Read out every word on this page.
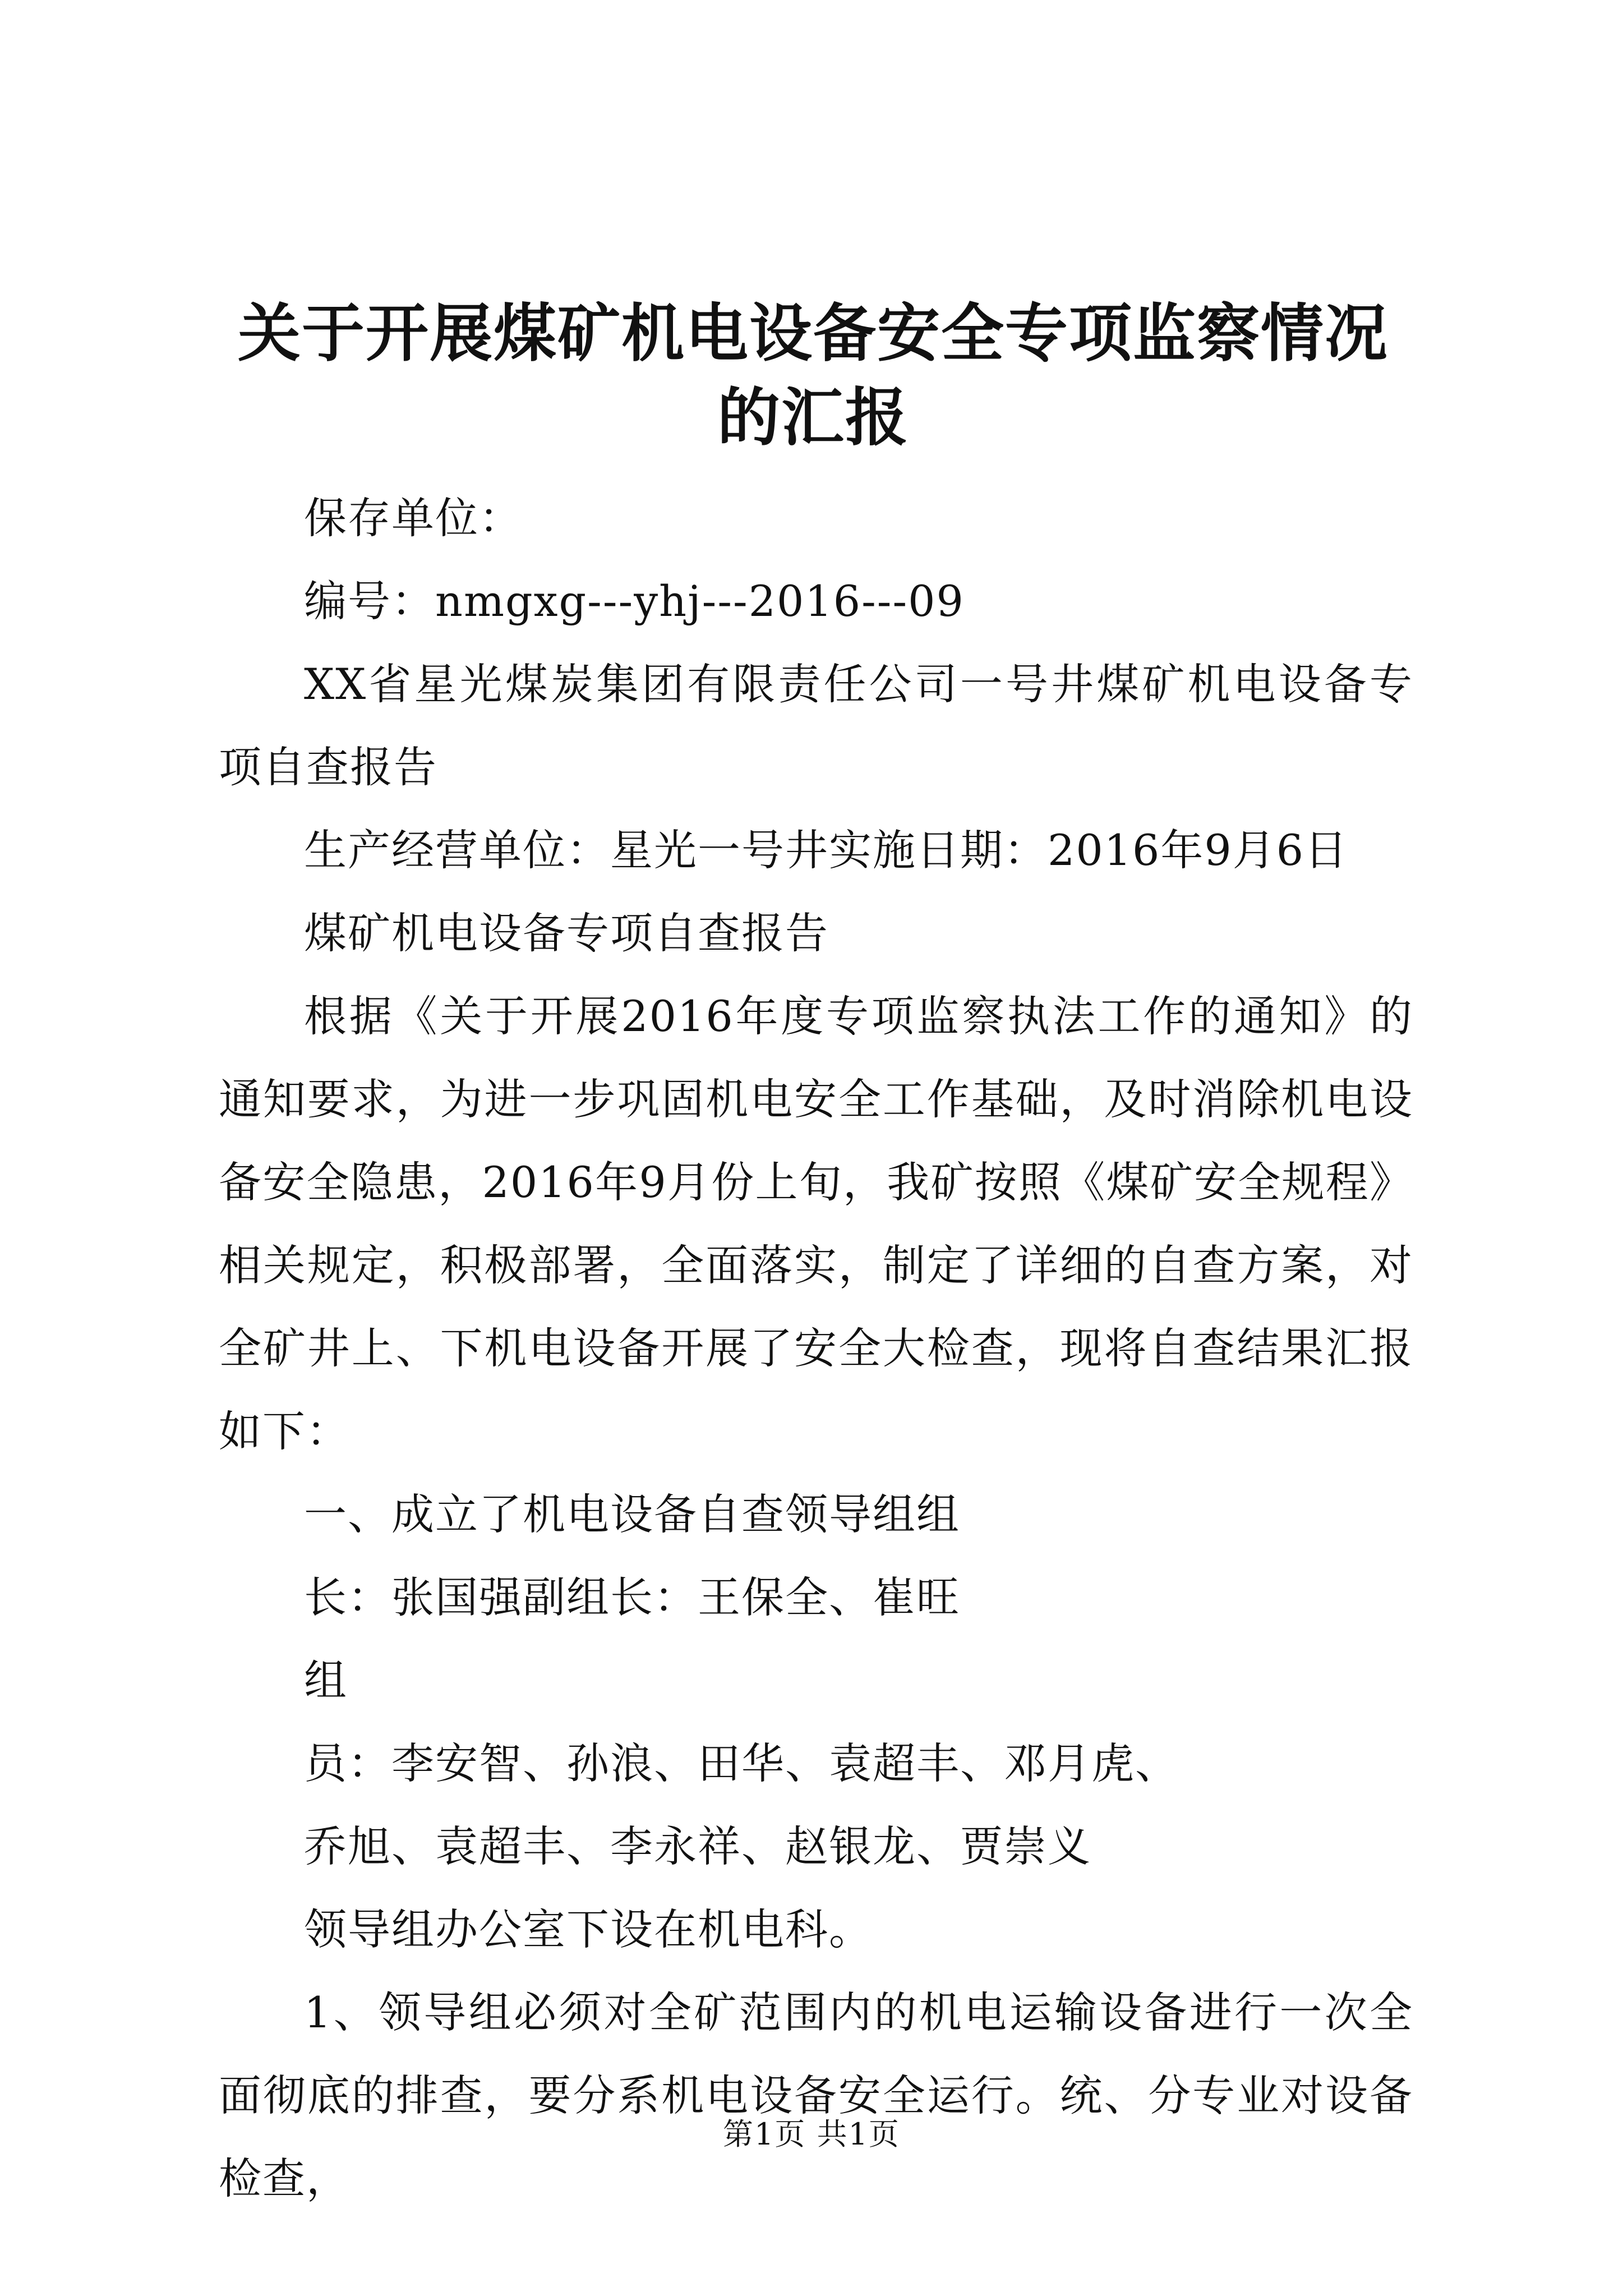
关于开展煤矿机电设备安全专项监察情况的汇报

保存单位：

编号：nmgxg---yhj---2016---09

XX省星光煤炭集团有限责任公司一号井煤矿机电设备专项自查报告

生产经营单位：星光一号井实施日期：2016年9月6日

煤矿机电设备专项自查报告

根据《关于开展2016年度专项监察执法工作的通知》的通知要求，为进一步巩固机电安全工作基础，及时消除机电设备安全隐患，2016年9月份上旬，我矿按照《煤矿安全规程》相关规定，积极部署，全面落实，制定了详细的自查方案，对全矿井上、下机电设备开展了安全大检查，现将自查结果汇报如下：

一、成立了机电设备自查领导组组

长：张国强副组长：王保全、崔旺

组

员：李安智、孙浪、田华、袁超丰、邓月虎、

乔旭、袁超丰、李永祥、赵银龙、贾崇义

领导组办公室下设在机电科。

1、领导组必须对全矿范围内的机电运输设备进行一次全面彻底的排查，要分系机电设备安全运行。统、分专业对设备检查，

第1页 共1页
